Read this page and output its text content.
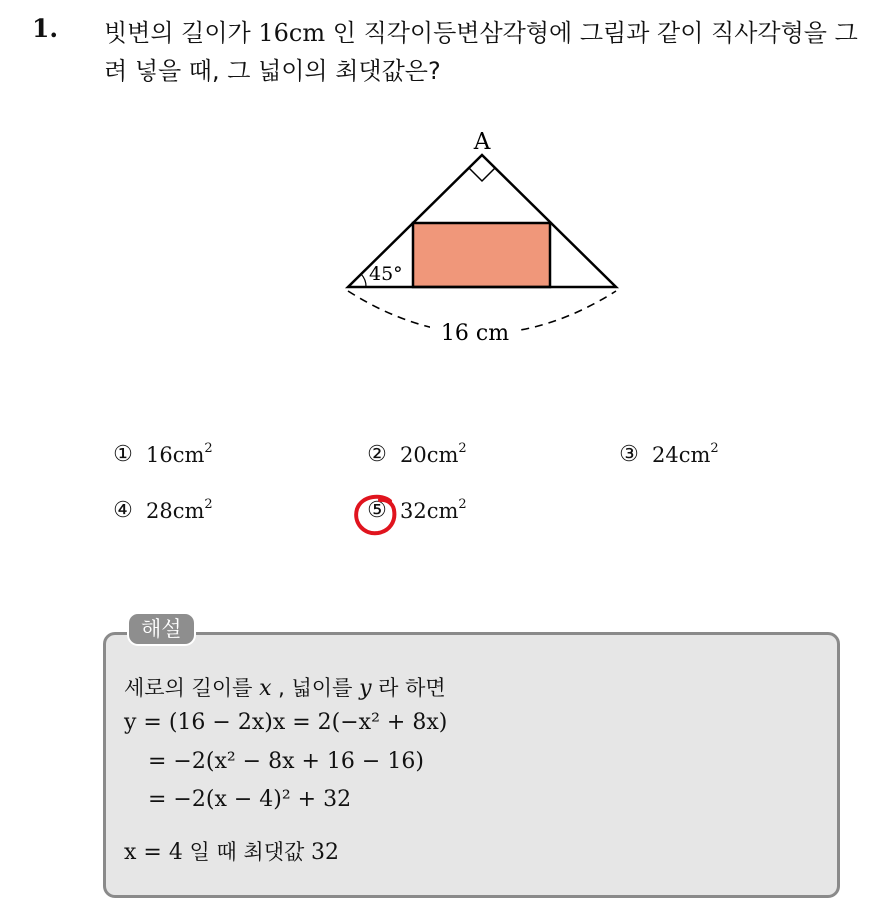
1. 빗변의 길이가 16cm 인 직각이등변삼각형에 그림과 같이 직사각형을 그려 넣을 때, 그 넓이의 최댓값은?
A
45°
16 cm
① $16cm^2$	② $20cm^2$	③ $24cm^2$
④ $28cm^2$	⑤ $32cm^2$
해설
세로의 길이를 x , 넓이를 y 라 하면
y = (16 − 2x)x = 2(−x² + 8x)
= −2(x² − 8x + 16 − 16)
= −2(x − 4)² + 32
x = 4 일 때 최댓값 32
